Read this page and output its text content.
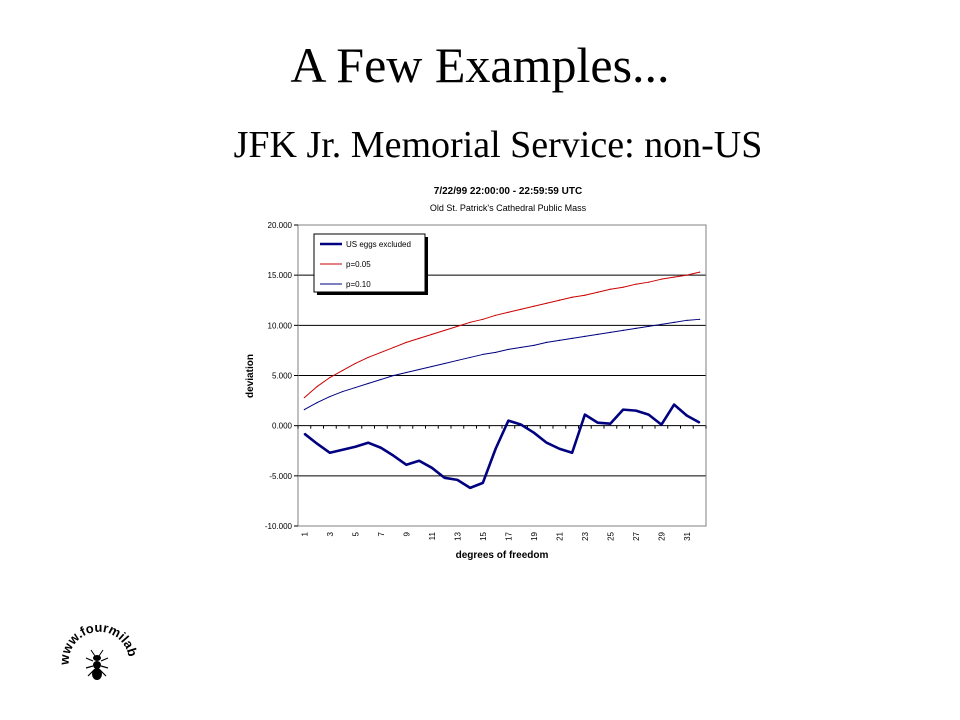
A Few Examples...
JFK Jr. Memorial Service: non-US
7/22/99 22:00:00 - 22:59:59 UTC
Old St. Patrick's Cathedral Public Mass
20.000
15.000
10.000
5.000
0.000
-5.000
-10.000
1 3 5 7 9 11 13 15 17 19 21 23 25 27 29 31
degrees of freedom
deviation
US eggs excluded
p=0.05
p=0.10
www.fourmilab
